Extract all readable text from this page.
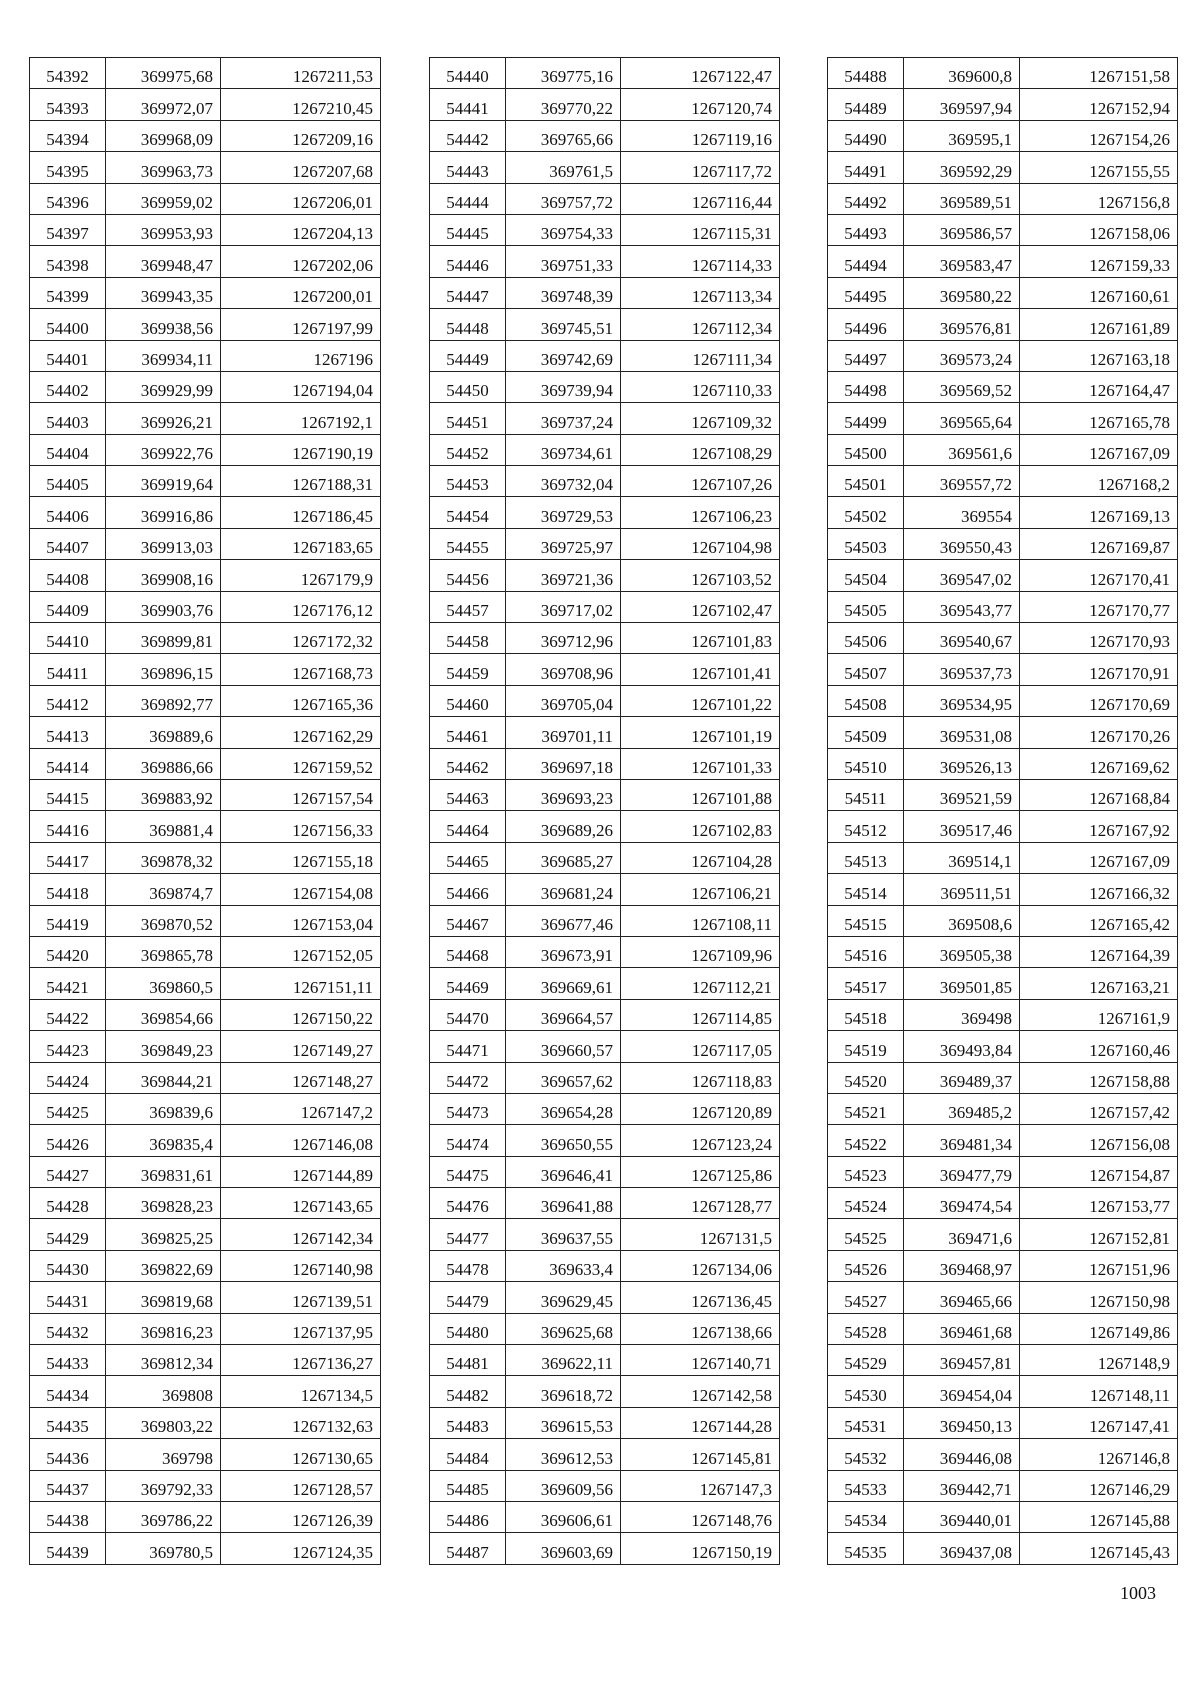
54392	369975,68	1267211,53
54393	369972,07	1267210,45
54394	369968,09	1267209,16
54395	369963,73	1267207,68
54396	369959,02	1267206,01
54397	369953,93	1267204,13
54398	369948,47	1267202,06
54399	369943,35	1267200,01
54400	369938,56	1267197,99
54401	369934,11	1267196
54402	369929,99	1267194,04
54403	369926,21	1267192,1
54404	369922,76	1267190,19
54405	369919,64	1267188,31
54406	369916,86	1267186,45
54407	369913,03	1267183,65
54408	369908,16	1267179,9
54409	369903,76	1267176,12
54410	369899,81	1267172,32
54411	369896,15	1267168,73
54412	369892,77	1267165,36
54413	369889,6	1267162,29
54414	369886,66	1267159,52
54415	369883,92	1267157,54
54416	369881,4	1267156,33
54417	369878,32	1267155,18
54418	369874,7	1267154,08
54419	369870,52	1267153,04
54420	369865,78	1267152,05
54421	369860,5	1267151,11
54422	369854,66	1267150,22
54423	369849,23	1267149,27
54424	369844,21	1267148,27
54425	369839,6	1267147,2
54426	369835,4	1267146,08
54427	369831,61	1267144,89
54428	369828,23	1267143,65
54429	369825,25	1267142,34
54430	369822,69	1267140,98
54431	369819,68	1267139,51
54432	369816,23	1267137,95
54433	369812,34	1267136,27
54434	369808	1267134,5
54435	369803,22	1267132,63
54436	369798	1267130,65
54437	369792,33	1267128,57
54438	369786,22	1267126,39
54439	369780,5	1267124,35
54440	369775,16	1267122,47
54441	369770,22	1267120,74
54442	369765,66	1267119,16
54443	369761,5	1267117,72
54444	369757,72	1267116,44
54445	369754,33	1267115,31
54446	369751,33	1267114,33
54447	369748,39	1267113,34
54448	369745,51	1267112,34
54449	369742,69	1267111,34
54450	369739,94	1267110,33
54451	369737,24	1267109,32
54452	369734,61	1267108,29
54453	369732,04	1267107,26
54454	369729,53	1267106,23
54455	369725,97	1267104,98
54456	369721,36	1267103,52
54457	369717,02	1267102,47
54458	369712,96	1267101,83
54459	369708,96	1267101,41
54460	369705,04	1267101,22
54461	369701,11	1267101,19
54462	369697,18	1267101,33
54463	369693,23	1267101,88
54464	369689,26	1267102,83
54465	369685,27	1267104,28
54466	369681,24	1267106,21
54467	369677,46	1267108,11
54468	369673,91	1267109,96
54469	369669,61	1267112,21
54470	369664,57	1267114,85
54471	369660,57	1267117,05
54472	369657,62	1267118,83
54473	369654,28	1267120,89
54474	369650,55	1267123,24
54475	369646,41	1267125,86
54476	369641,88	1267128,77
54477	369637,55	1267131,5
54478	369633,4	1267134,06
54479	369629,45	1267136,45
54480	369625,68	1267138,66
54481	369622,11	1267140,71
54482	369618,72	1267142,58
54483	369615,53	1267144,28
54484	369612,53	1267145,81
54485	369609,56	1267147,3
54486	369606,61	1267148,76
54487	369603,69	1267150,19
54488	369600,8	1267151,58
54489	369597,94	1267152,94
54490	369595,1	1267154,26
54491	369592,29	1267155,55
54492	369589,51	1267156,8
54493	369586,57	1267158,06
54494	369583,47	1267159,33
54495	369580,22	1267160,61
54496	369576,81	1267161,89
54497	369573,24	1267163,18
54498	369569,52	1267164,47
54499	369565,64	1267165,78
54500	369561,6	1267167,09
54501	369557,72	1267168,2
54502	369554	1267169,13
54503	369550,43	1267169,87
54504	369547,02	1267170,41
54505	369543,77	1267170,77
54506	369540,67	1267170,93
54507	369537,73	1267170,91
54508	369534,95	1267170,69
54509	369531,08	1267170,26
54510	369526,13	1267169,62
54511	369521,59	1267168,84
54512	369517,46	1267167,92
54513	369514,1	1267167,09
54514	369511,51	1267166,32
54515	369508,6	1267165,42
54516	369505,38	1267164,39
54517	369501,85	1267163,21
54518	369498	1267161,9
54519	369493,84	1267160,46
54520	369489,37	1267158,88
54521	369485,2	1267157,42
54522	369481,34	1267156,08
54523	369477,79	1267154,87
54524	369474,54	1267153,77
54525	369471,6	1267152,81
54526	369468,97	1267151,96
54527	369465,66	1267150,98
54528	369461,68	1267149,86
54529	369457,81	1267148,9
54530	369454,04	1267148,11
54531	369450,13	1267147,41
54532	369446,08	1267146,8
54533	369442,71	1267146,29
54534	369440,01	1267145,88
54535	369437,08	1267145,43
1003
